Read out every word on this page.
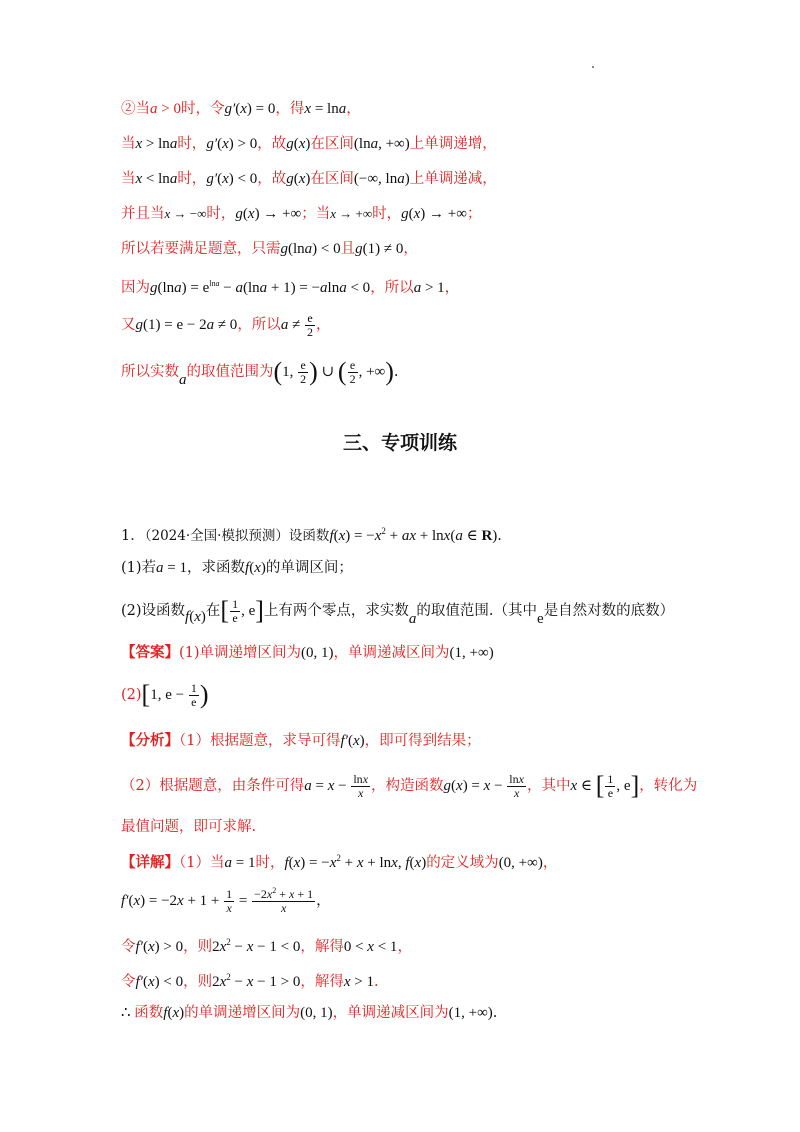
②当a > 0时，令g′(x) = 0，得x = lna，
当x > lna时，g′(x) > 0，故g(x)在区间(lna, +∞)上单调递增，
当x < lna时，g′(x) < 0，故g(x)在区间(−∞, lna)上单调递减，
并且当x → −∞时，g(x) → +∞；当x → +∞时，g(x) → +∞；
所以若要满足题意，只需g(lna) < 0且g(1) ≠ 0，
因为$g(\ln a) = e^{lna} - a(\ln a + 1) = -alna < 0$，所以a > 1，
又g(1) = e − 2a ≠ 0，所以$a \ne \frac{e}{2}$ ，
所以实数a的取值范围为(1, $\frac{e}{2}$ ) ∪ ( $\frac{e}{2}$ , +∞).
三、专项训练
1．（2024·全国·模拟预测）设函数$f(x) = -x^2$ + ax + lnx(a ∈ R).
(1)若a = 1，求函数f(x)的单调区间；
(2)设函数f(x)在[ $\frac{1}{e}$ , e]上有两个零点，求实数a的取值范围.（其中e是自然对数的底数）
【答案】(1)单调递增区间为(0, 1)，单调递减区间为(1, +∞)
(2)[1, $e - \frac{1}{e}$ )
【分析】（1）根据题意，求导可得f′(x)，即可得到结果；
（2）根据题意，由条件可得$a = x - \frac{\ln x}{x}$ ，构造函数$g(x) = x - \frac{\ln x}{x}$ ，其中x ∈ [ $\frac{1}{e}$ , e]，转化为
最值问题，即可求解.
【详解】（1）当a = 1时，$f(x) = -x^2 + x + \ln x$, f(x)的定义域为(0, +∞)，
$f'(x) = -2x + 1 + \frac{1}{x} = \frac{-2x^2 + x + 1}{x}$ ，
令f′(x) > 0，则$2x^2 - x - 1 < 0$，解得0 < x < 1，
令f′(x) < 0，则$2x^2 - x - 1 > 0$，解得x > 1.
∴ 函数f(x)的单调递增区间为(0, 1)，单调递减区间为(1, +∞).
